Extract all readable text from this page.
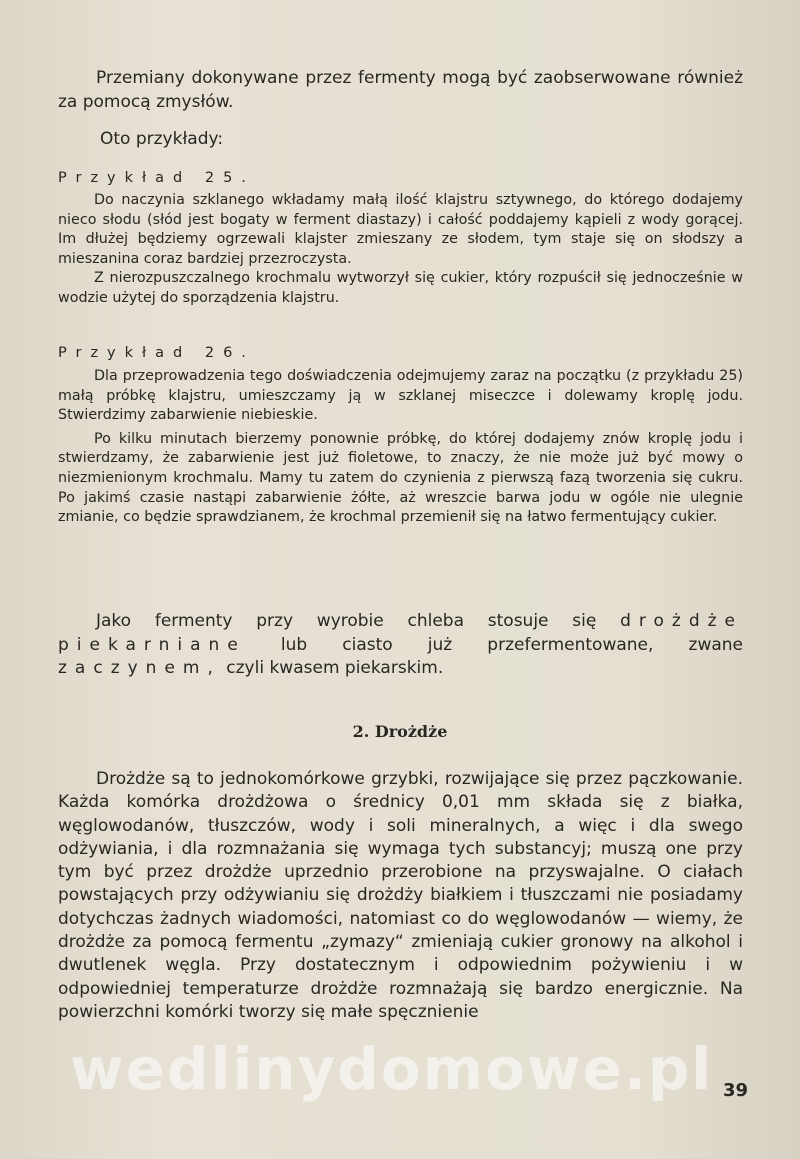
Przemiany dokonywane przez fermenty mogą być zaobserwowane również za pomocą zmysłów.

Oto przykłady:

Przykład 25.

Do naczynia szklanego wkładamy małą ilość klajstru sztywnego, do którego dodajemy nieco słodu (słód jest bogaty w ferment diastazy) i całość poddajemy kąpieli z wody gorącej. Im dłużej będziemy ogrzewali klajster zmieszany ze słodem, tym staje się on słodszy a mieszanina coraz bardziej przezroczysta.

Z nierozpuszczalnego krochmalu wytworzył się cukier, który rozpuścił się jednocześnie w wodzie użytej do sporządzenia klajstru.

Przykład 26.

Dla przeprowadzenia tego doświadczenia odejmujemy zaraz na początku (z przykładu 25) małą próbkę klajstru, umieszczamy ją w szklanej miseczce i dolewamy kroplę jodu. Stwierdzimy zabarwienie niebieskie.

Po kilku minutach bierzemy ponownie próbkę, do której dodajemy znów kroplę jodu i stwierdzamy, że zabarwienie jest już fioletowe, to znaczy, że nie może już być mowy o niezmienionym krochmalu. Mamy tu zatem do czynienia z pierwszą fazą tworzenia się cukru. Po jakimś czasie nastąpi zabarwienie żółte, aż wreszcie barwa jodu w ogóle nie ulegnie zmianie, co będzie sprawdzianem, że krochmal przemienił się na łatwo fermentujący cukier.

Jako fermenty przy wyrobie chleba stosuje się drożdże piekarniane lub ciasto już przefermentowane, zwane zaczynem, czyli kwasem piekarskim.

2. Drożdże

Drożdże są to jednokomórkowe grzybki, rozwijające się przez pączkowanie. Każda komórka drożdżowa o średnicy 0,01 mm składa się z białka, węglowodanów, tłuszczów, wody i soli mineralnych, a więc i dla swego odżywiania, i dla rozmnażania się wymaga tych substancyj; muszą one przy tym być przez drożdże uprzednio przerobione na przyswajalne. O ciałach powstających przy odżywianiu się drożdży białkiem i tłuszczami nie posiadamy dotychczas żadnych wiadomości, natomiast co do węglowodanów — wiemy, że drożdże za pomocą fermentu „zymazy“ zmieniają cukier gronowy na alkohol i dwutlenek węgla. Przy dostatecznym i odpowiednim pożywieniu i w odpowiedniej temperaturze drożdże rozmnażają się bardzo energicznie. Na powierzchni komórki tworzy się małe spęcznienie

wedlinydomowe.pl 39
